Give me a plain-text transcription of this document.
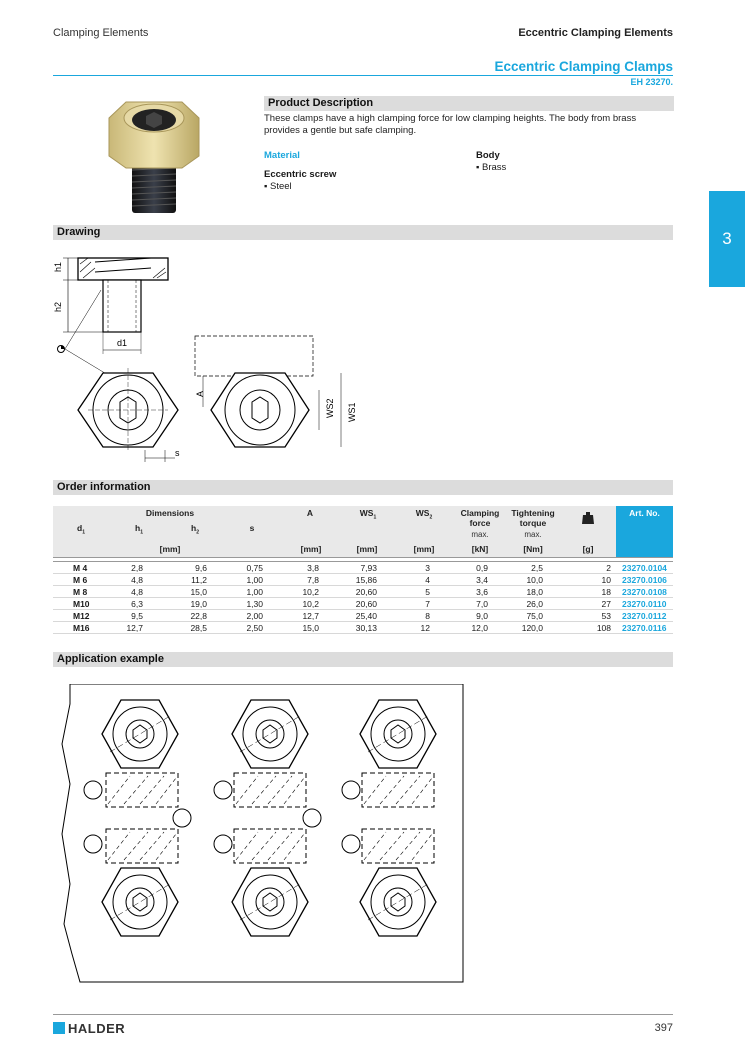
Clamping Elements	Eccentric Clamping Elements
Eccentric Clamping Clamps
EH 23270.
3
Product Description
These clamps have a high clamping force for low clamping heights. The body from brass provides a gentle but safe clamping.
Material
Eccentric screw
▪ Steel
Body
▪ Brass
Drawing
h1
h2
d1
s
A
WS2 WS1
Order information
Art. No.
Dimensions
$d_1$	$h_1$	$h_2$	s
A	$WS_1$	$WS_2$	Clamping force
max.
Tightening torque
max.
[mm]	[mm]	[mm]	[mm]	[kN]	[Nm]	[g]
M 4	2,8	9,6	0,75	3,8	7,93	3	0,9	2,5	2 23270.0104
M 6	4,8	11,2	1,00	7,8	15,86	4	3,4	10,0	10 23270.0106
M 8	4,8	15,0	1,00	10,2	20,60	5	3,6	18,0	18 23270.0108
M10	6,3	19,0	1,30	10,2	20,60	7	7,0	26,0	27 23270.0110
M12	9,5	22,8	2,00	12,7	25,40	8	9,0	75,0	53 23270.0112
M16	12,7	28,5	2,50	15,0	30,13	12	12,0	120,0	108 23270.0116
Application example
HALDER	397
